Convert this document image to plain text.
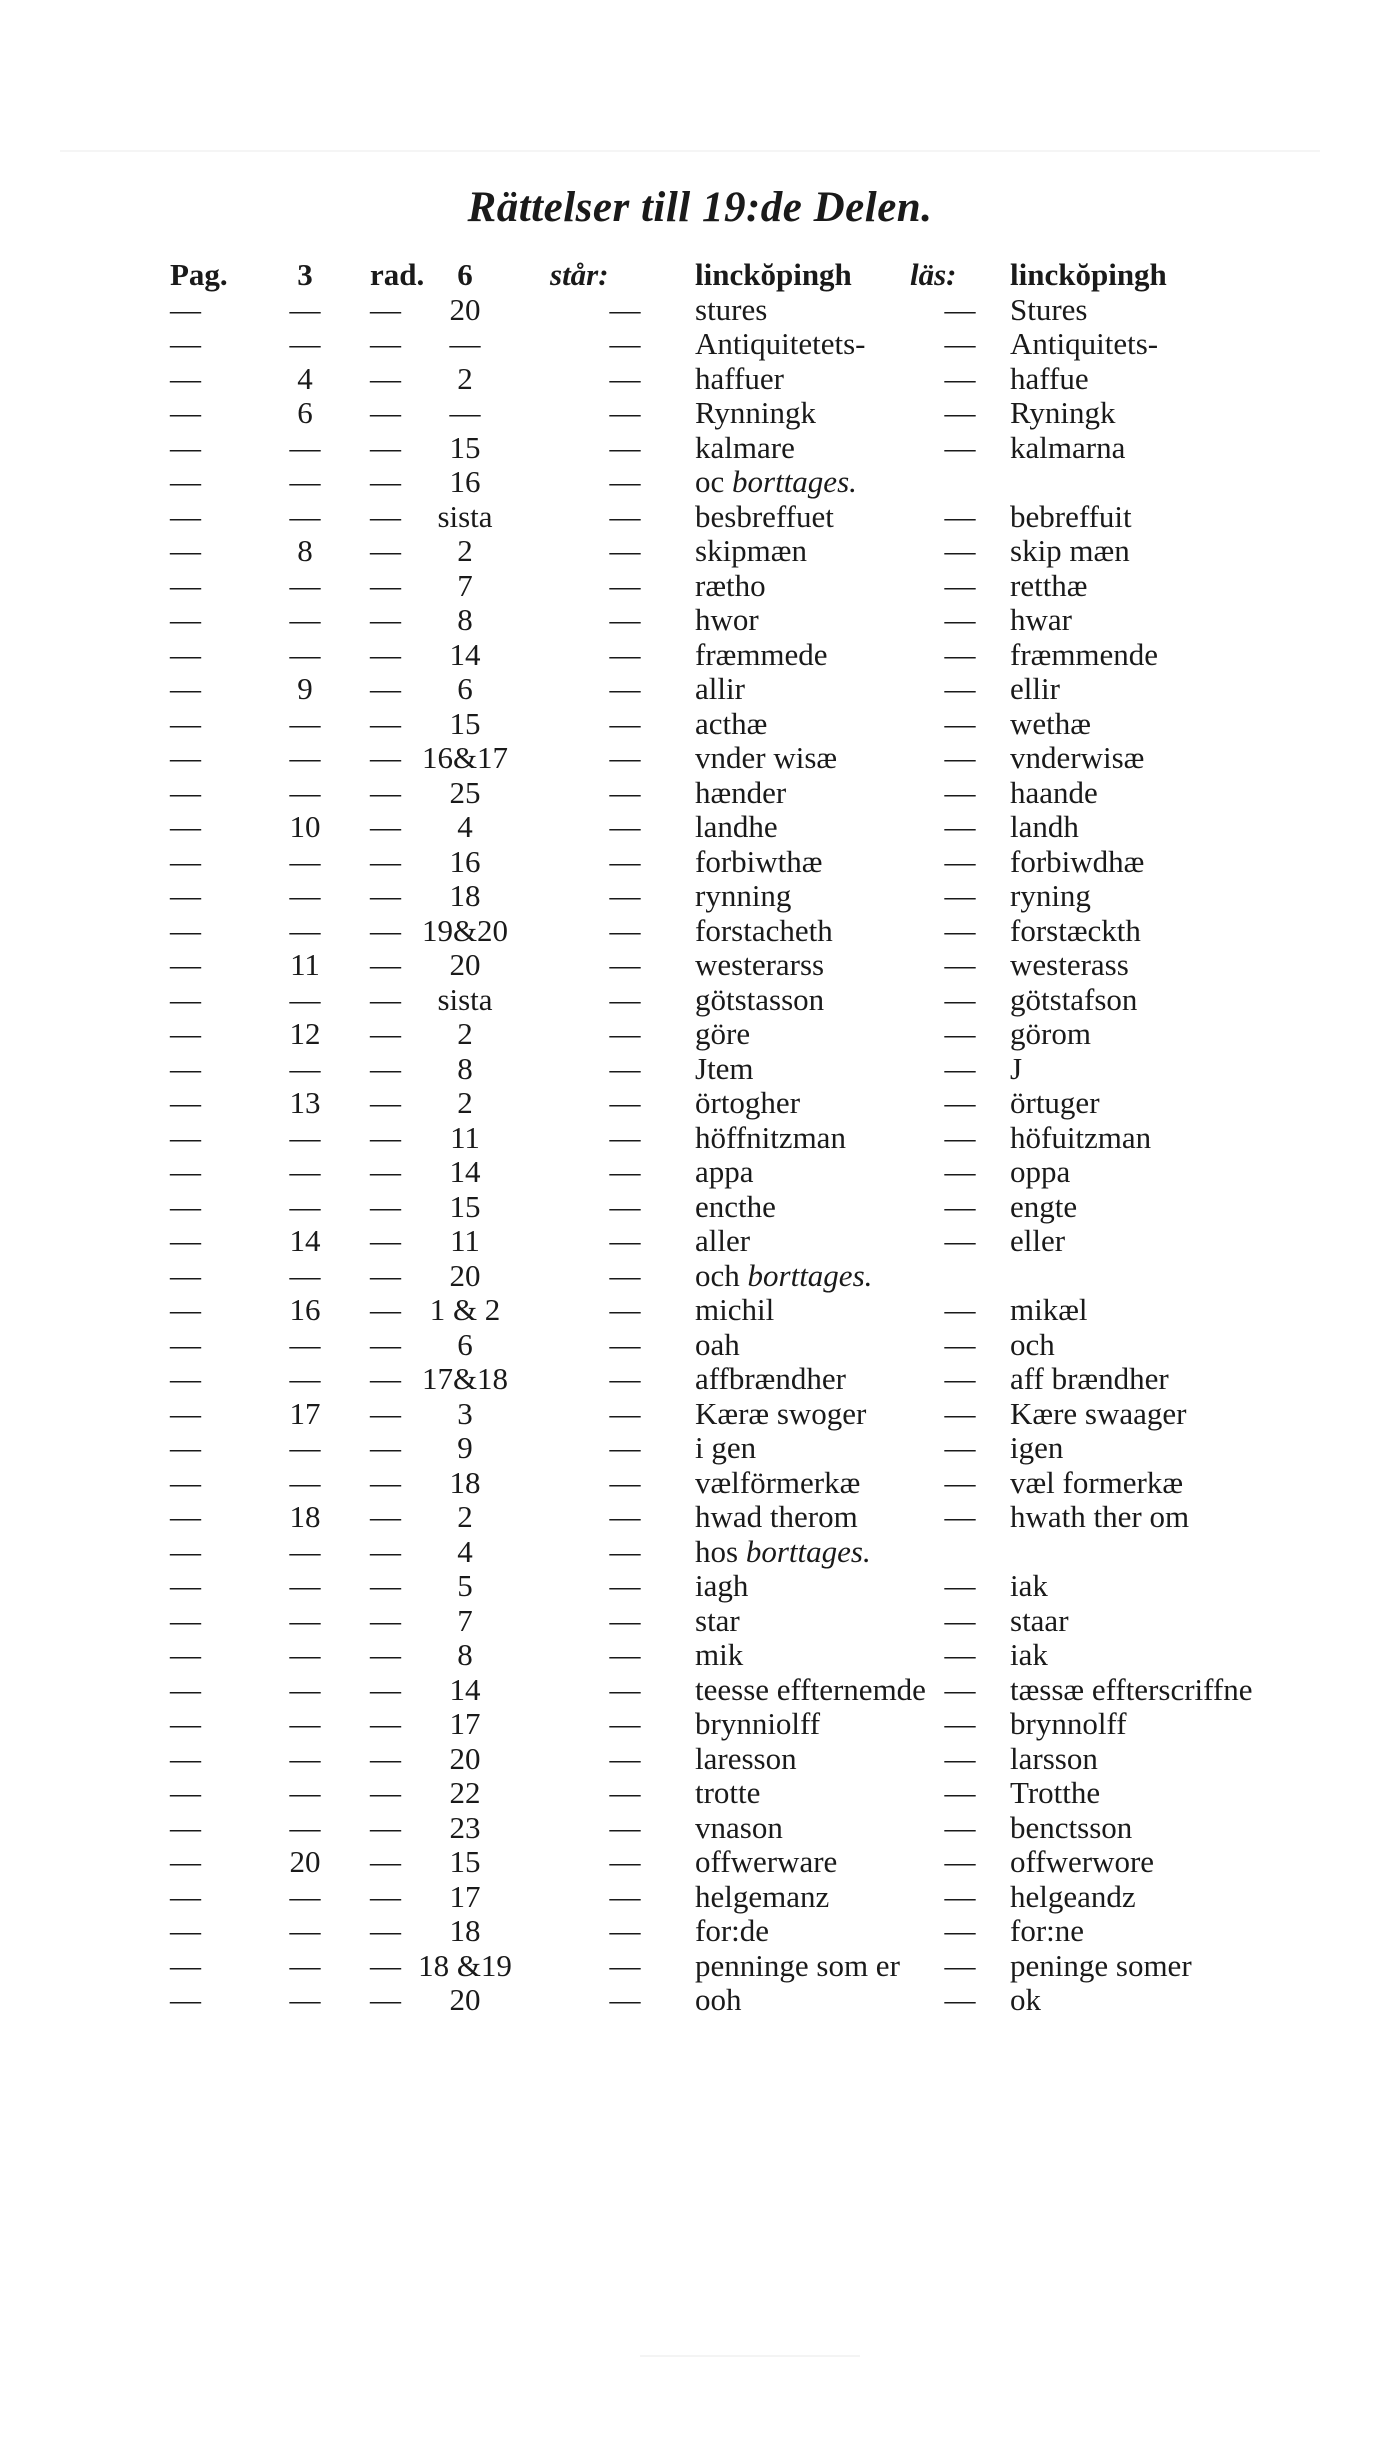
Rättelser till 19:de Delen.
Pag.	3	rad.	6	står:	linckŏpingh	läs:	linckŏpingh
—	—	—	20	—	stures	—	Stures
—	—	—	—	—	Antiquitetets-	—	Antiquitets-
—	4	—	2	—	haffuer	—	haffue
—	6	—	—	—	Rynningk	—	Ryningk
—	—	—	15	—	kalmare	—	kalmarna
—	—	—	16	—	oc borttages.
—	—	—	sista	—	besbreffuet	—	bebreffuit
—	8	—	2	—	skipmæn	—	skip mæn
—	—	—	7	—	rætho	—	retthæ
—	—	—	8	—	hwor	—	hwar
—	—	—	14	—	fræmmede	—	fræmmende
—	9	—	6	—	allir	—	ellir
—	—	—	15	—	acthæ	—	wethæ
—	—	— 16&17	—	vnder wisæ	—	vnderwisæ
—	—	—	25	—	hænder	—	haande
—	10	—	4	—	landhe	—	landh
—	—	—	16	—	forbiwthæ	—	forbiwdhæ
—	—	—	18	—	rynning	—	ryning
—	—	— 19&20	—	forstacheth	—	forstæckth
—	11	—	20	—	westerarss	—	westerass
—	—	—	sista	—	götstasson	—	götstafson
—	12	—	2	—	göre	—	görom
—	—	—	8	—	Jtem	—	J
—	13	—	2	—	örtogher	—	örtuger
—	—	—	11	—	höffnitzman	—	höfuitzman
—	—	—	14	—	appa	—	oppa
—	—	—	15	—	encthe	—	engte
—	14	—	11	—	aller	—	eller
—	—	—	20	—	och borttages.
—	16	— 1 & 2	—	michil	—	mikæl
—	—	—	6	—	oah	—	och
—	—	— 17&18	—	affbrændher	—	aff brændher
—	17	—	3	—	Kæræ swoger	—	Kære swaager
—	—	—	9	—	i gen	—	igen
—	—	—	18	—	vælförmerkæ	—	væl formerkæ
—	18	—	2	—	hwad therom	—	hwath ther om
—	—	—	4	—	hos borttages.
—	—	—	5	—	iagh	—	iak
—	—	—	7	—	star	—	staar
—	—	—	8	—	mik	—	iak
—	—	—	14	—	teesse effternemde —	tæssæ effterscriffne
—	—	—	17	—	brynniolff	—	brynnolff
—	—	—	20	—	laresson	—	larsson
—	—	—	22	—	trotte	—	Trotthe
—	—	—	23	—	vnason	—	benctsson
—	20	—	15	—	offwerware	—	offwerwore
—	—	—	17	—	helgemanz	—	helgeandz
—	—	—	18	—	for:de	—	for:ne
—	—	— 18 &19	—	penninge som er	—	peninge somer
—	—	—	20	—	ooh	—	ok
